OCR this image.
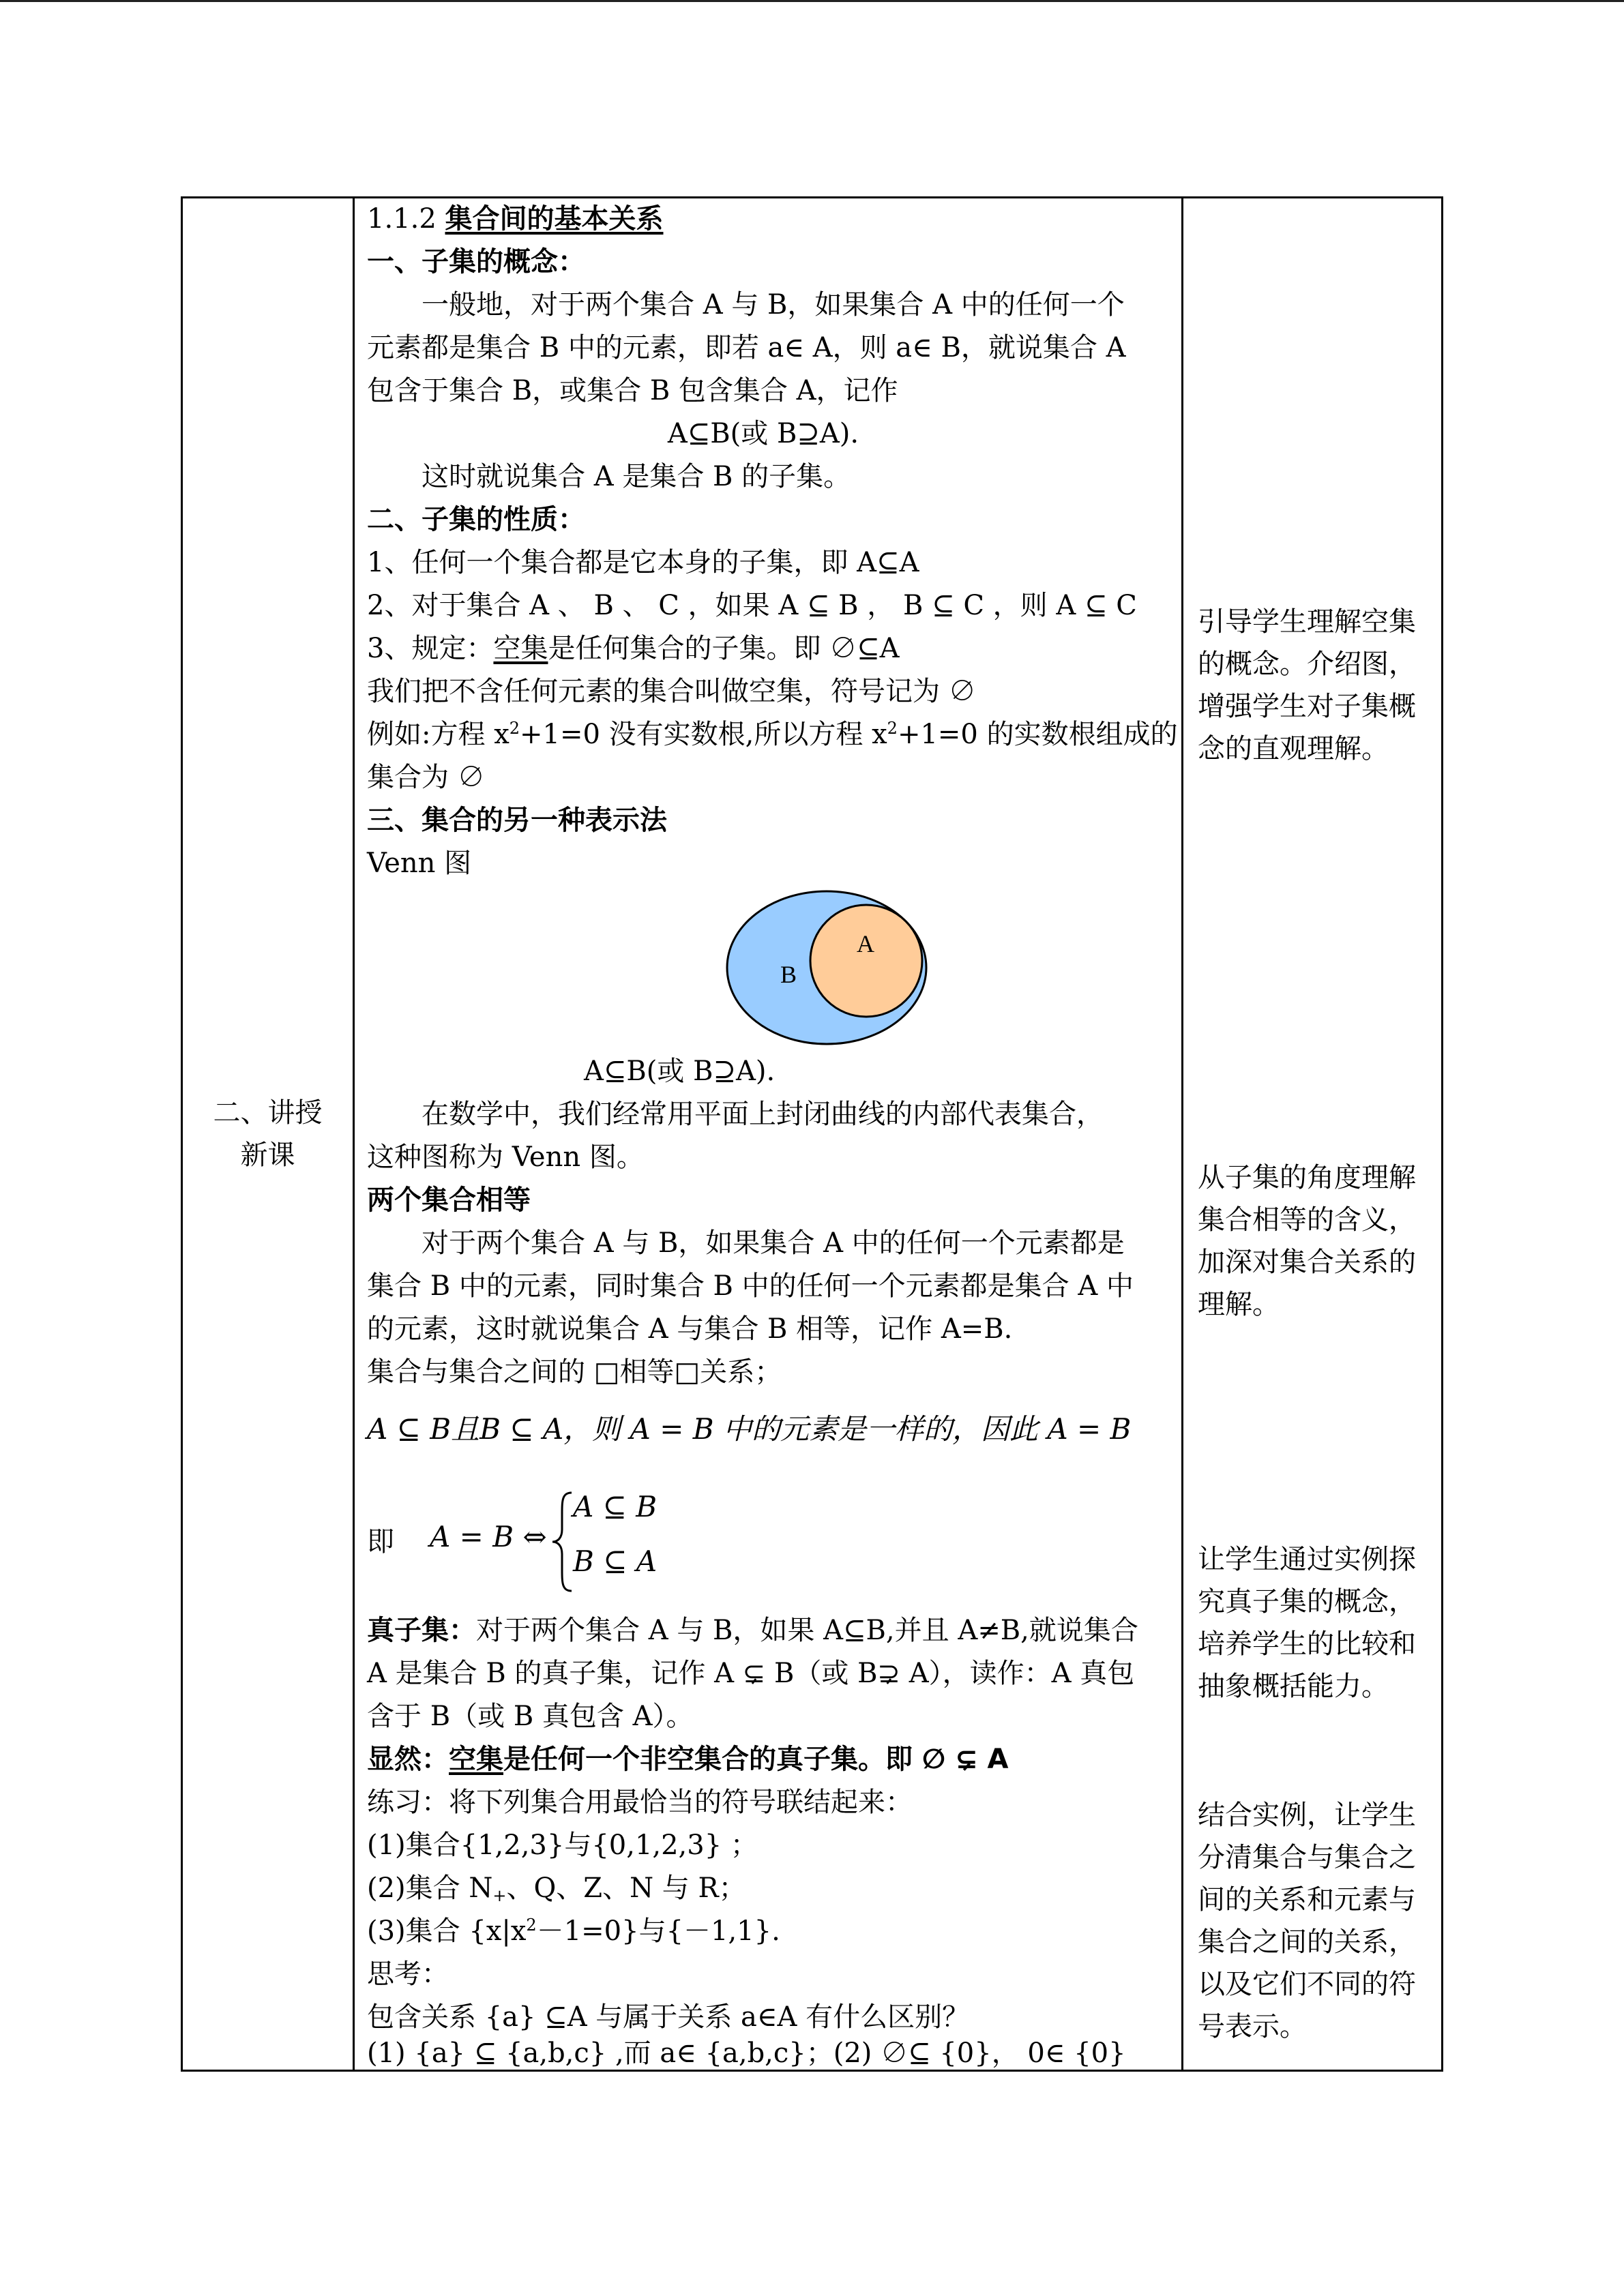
二、讲授
新课
1.1.2 集合间的基本关系
一、子集的概念：
一般地，对于两个集合 A 与 B，如果集合 A 中的任何一个
元素都是集合 B 中的元素，即若 a∈ A，则 a∈ B，就说集合 A
包含于集合 B，或集合 B 包含集合 A，记作
A⊆B(或 B⊇A).
这时就说集合 A 是集合 B 的子集。
二、子集的性质：
1、任何一个集合都是它本身的子集，即 A⊆A
2、对于集合 A 、 B 、 C ，如果 A ⊆ B ， B ⊆ C ，则 A ⊆ C
3、规定：空集是任何集合的子集。即 ∅⊆A
我们把不含任何元素的集合叫做空集，符号记为 ∅
例如:方程 $x^2+1=0$ 没有实数根,所以方程 $x^2+1=0$ 的实数根组成的
集合为 ∅
三、集合的另一种表示法
Venn 图
B
A
A⊆B(或 B⊇A).
在数学中，我们经常用平面上封闭曲线的内部代表集合，
这种图称为 Venn 图。
两个集合相等
对于两个集合 A 与 B，如果集合 A 中的任何一个元素都是
集合 B 中的元素，同时集合 B 中的任何一个元素都是集合 A 中
的元素，这时就说集合 A 与集合 B 相等，记作 A=B.
集合与集合之间的 □相等□关系；
A ⊆ B且B ⊆ A，则 A = B 中的元素是一样的，因此 A = B
即 A = B ⇔
A ⊆ B
B ⊆ A
真子集：对于两个集合 A 与 B，如果 A⊆B,并且 A≠B,就说集合
A 是集合 B 的真子集，记作 A ⊊ B（或 B⊋ A），读作：A 真包
含于 B（或 B 真包含 A）。
显然：空集是任何一个非空集合的真子集。即 ∅ ⊊ A
练习：将下列集合用最恰当的符号联结起来：
(1)集合{1,2,3}与{0,1,2,3} ；
(2)集合 $N_+$、Q、Z、N 与 R；
(3)集合 $\{x|x^2-1=0\}$与{－1,1}.
思考：
包含关系 {a} ⊆A 与属于关系 a∈A 有什么区别？
(1) {a} ⊆ {a,b,c} ,而 a∈ {a,b,c}；(2) ∅⊆ {0}， 0∈ {0}
引导学生理解空集的概念。介绍图，增强学生对子集概念的直观理解。
从子集的角度理解集合相等的含义，加深对集合关系的理解。
让学生通过实例探究真子集的概念，培养学生的比较和抽象概括能力。
结合实例，让学生分清集合与集合之间的关系和元素与集合之间的关系，以及它们不同的符号表示。
